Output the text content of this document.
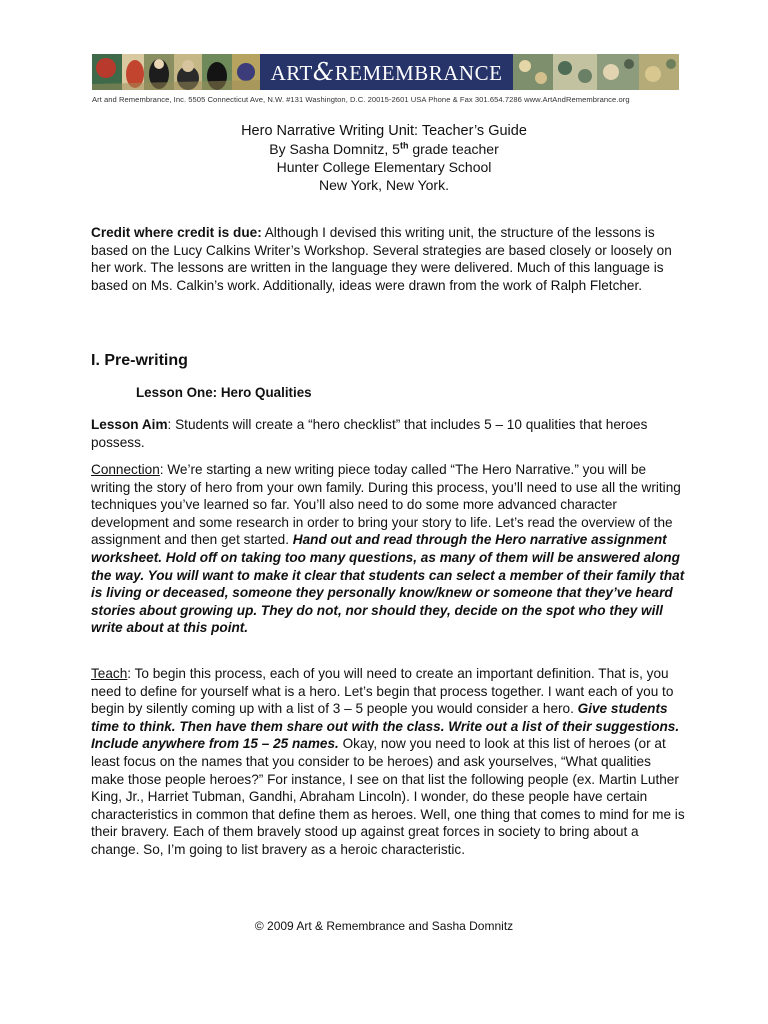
ART&REMEMBRANCE
Art and Remembrance, Inc. 5505 Connecticut Ave, N.W. #131 Washington, D.C. 20015-2601 USA Phone & Fax 301.654.7286 www.ArtAndRemembrance.org
Hero Narrative Writing Unit: Teacher’s Guide
By Sasha Domnitz, 5th grade teacher
Hunter College Elementary School
New York, New York.
Credit where credit is due: Although I devised this writing unit, the structure of the lessons is based on the Lucy Calkins Writer’s Workshop. Several strategies are based closely or loosely on her work. The lessons are written in the language they were delivered. Much of this language is based on Ms. Calkin’s work. Additionally, ideas were drawn from the work of Ralph Fletcher.
I. Pre-writing
Lesson One: Hero Qualities
Lesson Aim: Students will create a “hero checklist” that includes 5 – 10 qualities that heroes possess.
Connection: We’re starting a new writing piece today called “The Hero Narrative.” you will be writing the story of hero from your own family. During this process, you’ll need to use all the writing techniques you’ve learned so far. You’ll also need to do some more advanced character development and some research in order to bring your story to life. Let’s read the overview of the assignment and then get started. Hand out and read through the Hero narrative assignment worksheet. Hold off on taking too many questions, as many of them will be answered along the way. You will want to make it clear that students can select a member of their family that is living or deceased, someone they personally know/knew or someone that they’ve heard stories about growing up. They do not, nor should they, decide on the spot who they will write about at this point.
Teach: To begin this process, each of you will need to create an important definition. That is, you need to define for yourself what is a hero. Let’s begin that process together. I want each of you to begin by silently coming up with a list of 3 – 5 people you would consider a hero. Give students time to think. Then have them share out with the class. Write out a list of their suggestions. Include anywhere from 15 – 25 names. Okay, now you need to look at this list of heroes (or at least focus on the names that you consider to be heroes) and ask yourselves, “What qualities make those people heroes?” For instance, I see on that list the following people (ex. Martin Luther King, Jr., Harriet Tubman, Gandhi, Abraham Lincoln). I wonder, do these people have certain characteristics in common that define them as heroes. Well, one thing that comes to mind for me is their bravery. Each of them bravely stood up against great forces in society to bring about a change. So, I’m going to list bravery as a heroic characteristic.
© 2009 Art & Remembrance and Sasha Domnitz
